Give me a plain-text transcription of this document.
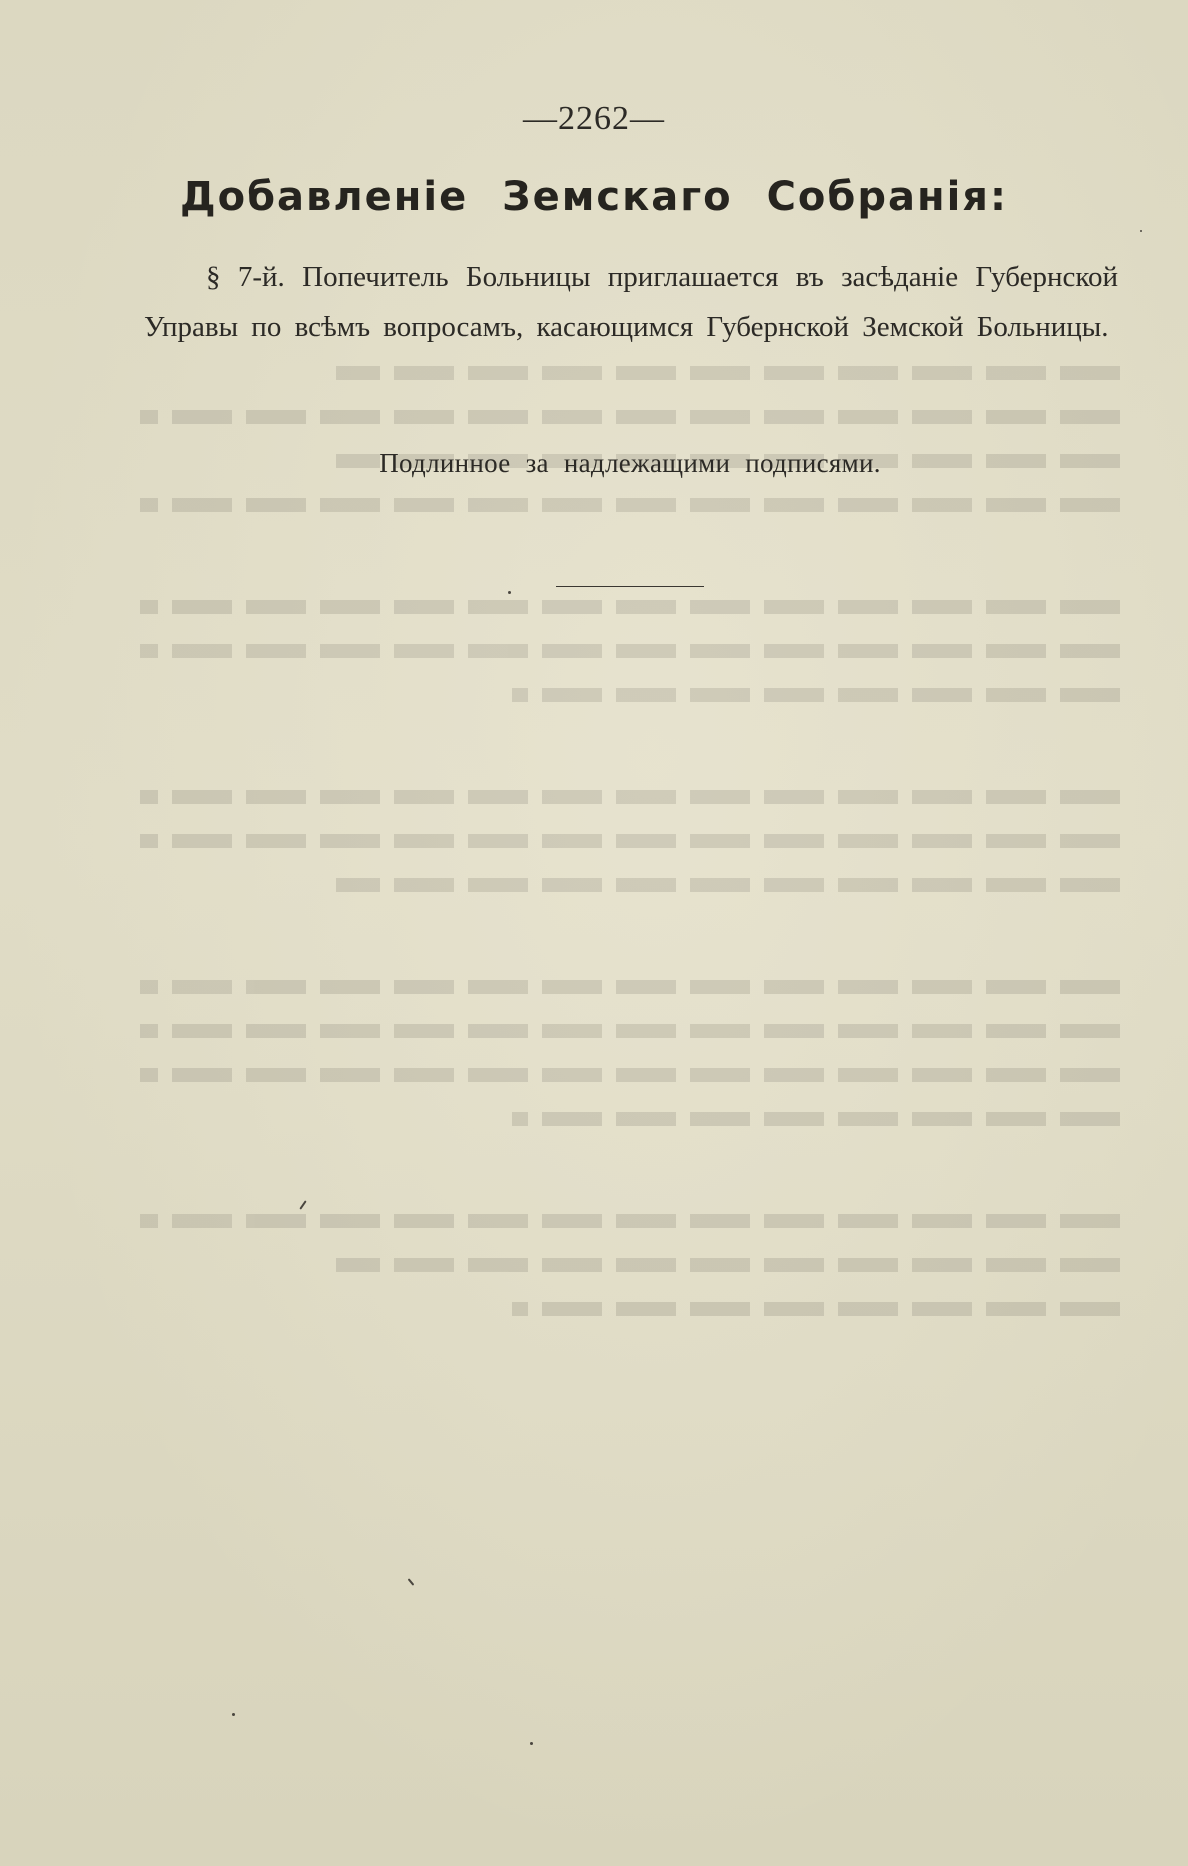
—2262—
Добавленіе Земскаго Собранія:

§ 7-й. Попечитель Больницы приглашается въ засѣданіе Губернской Управы по всѣмъ вопросамъ, касающимся Губернской Земской Больницы.

Подлинное за надлежащими подписями.
